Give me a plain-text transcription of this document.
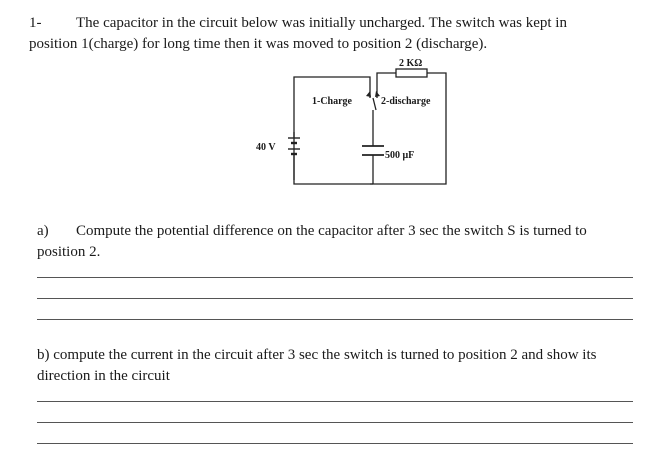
1- The capacitor in the circuit below was initially uncharged. The switch was kept in
position 1(charge) for long time then it was moved to position 2 (discharge).
2 KΩ
1-Charge	2-discharge
40 V
500 μF
a) Compute the potential difference on the capacitor after 3 sec the switch S is turned to
position 2.
b) compute the current in the circuit after 3 sec the switch is turned to position 2 and show its
direction in the circuit
